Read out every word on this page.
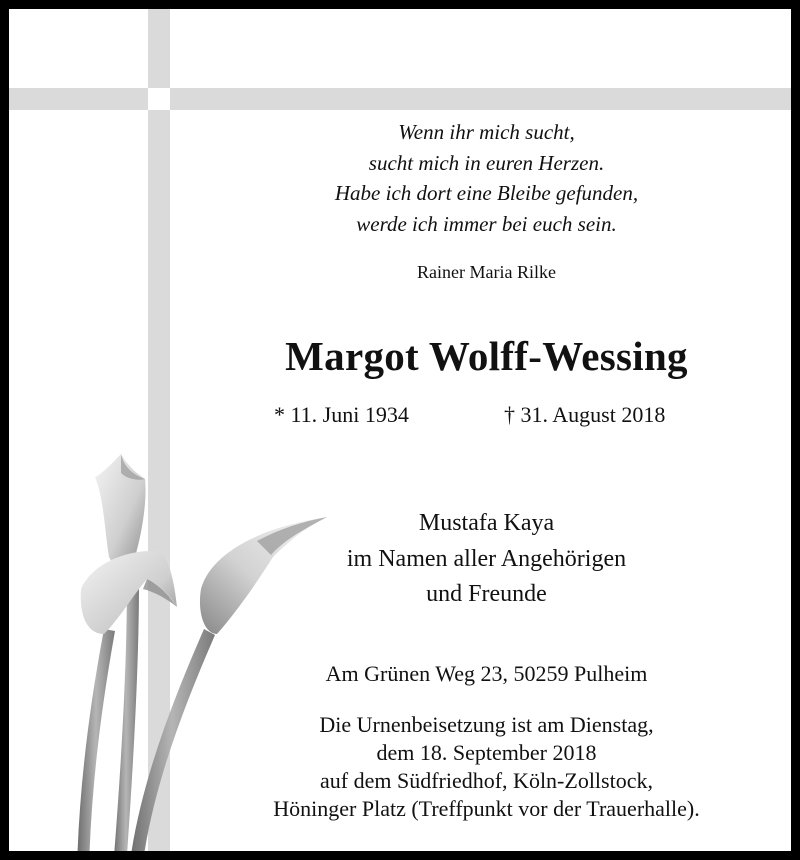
Wenn ihr mich sucht,
sucht mich in euren Herzen.
Habe ich dort eine Bleibe gefunden,
werde ich immer bei euch sein.

Rainer Maria Rilke

Margot Wolff-Wessing

* 11. Juni 1934	† 31. August 2018

Mustafa Kaya
im Namen aller Angehörigen
und Freunde

Am Grünen Weg 23, 50259 Pulheim

Die Urnenbeisetzung ist am Dienstag,
dem 18. September 2018
auf dem Südfriedhof, Köln-Zollstock,
Höninger Platz (Treffpunkt vor der Trauerhalle).
